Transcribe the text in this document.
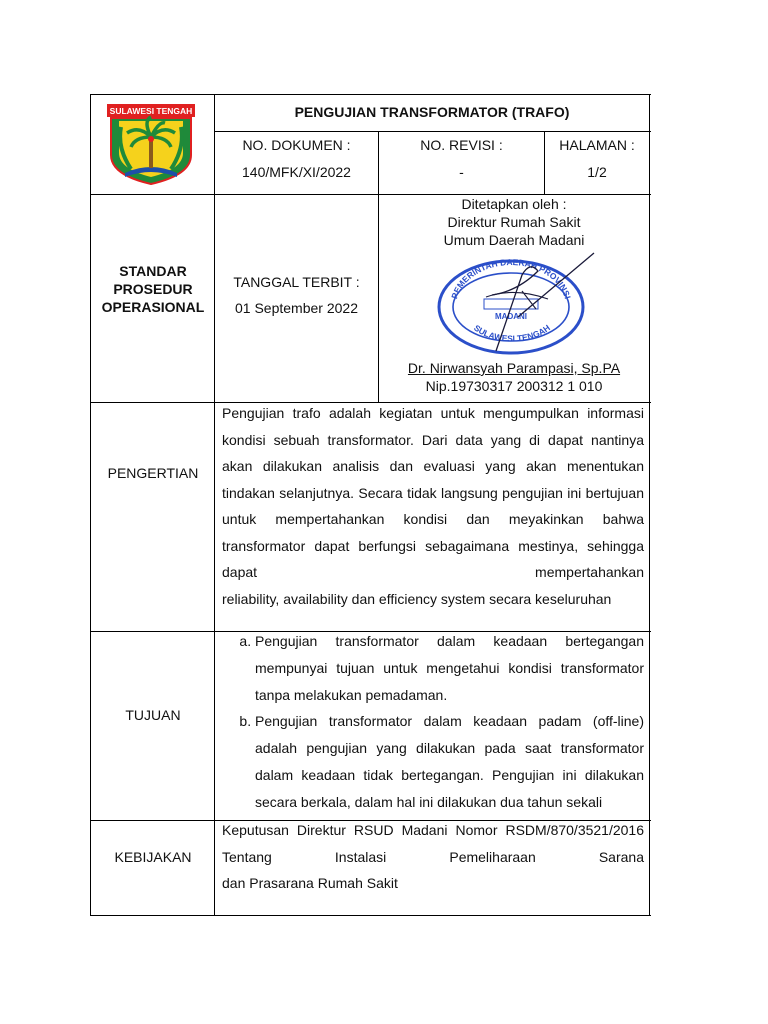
SULAWESI TENGAH	PENGUJIAN TRANSFORMATOR (TRAFO)
NO. DOKUMEN :
140/MFK/XI/2022
NO. REVISI :
-
HALAMAN :
1/2
STANDAR
PROSEDUR
OPERASIONAL
TANGGAL TERBIT :
01 September 2022
Ditetapkan oleh :
Direktur Rumah Sakit
Umum Daerah Madani
PEMERINTAH DAERAH PROVINSI
SULAWESI TENGAH
MADANI
Dr. Nirwansyah Parampasi, Sp.PA
Nip.19730317 200312 1 010
PENGERTIAN
Pengujian trafo adalah kegiatan untuk mengumpulkan informasi kondisi sebuah transformator. Dari data yang di dapat nantinya akan dilakukan analisis dan evaluasi yang akan menentukan tindakan selanjutnya. Secara tidak langsung pengujian ini bertujuan untuk mempertahankan kondisi dan meyakinkan bahwa transformator dapat berfungsi sebagaimana mestinya, sehingga dapat mempertahankan
reliability, availability dan efficiency system secara keseluruhan
TUJUAN
a. Pengujian transformator dalam keadaan bertegangan mempunyai tujuan untuk mengetahui kondisi transformator tanpa melakukan pemadaman.
b. Pengujian transformator dalam keadaan padam (off-line) adalah pengujian yang dilakukan pada saat transformator dalam keadaan tidak bertegangan. Pengujian ini dilakukan secara berkala, dalam hal ini dilakukan dua tahun sekali
KEBIJAKAN
Keputusan Direktur RSUD Madani Nomor RSDM/870/3521/2016 Tentang Instalasi Pemeliharaan Sarana
dan Prasarana Rumah Sakit
